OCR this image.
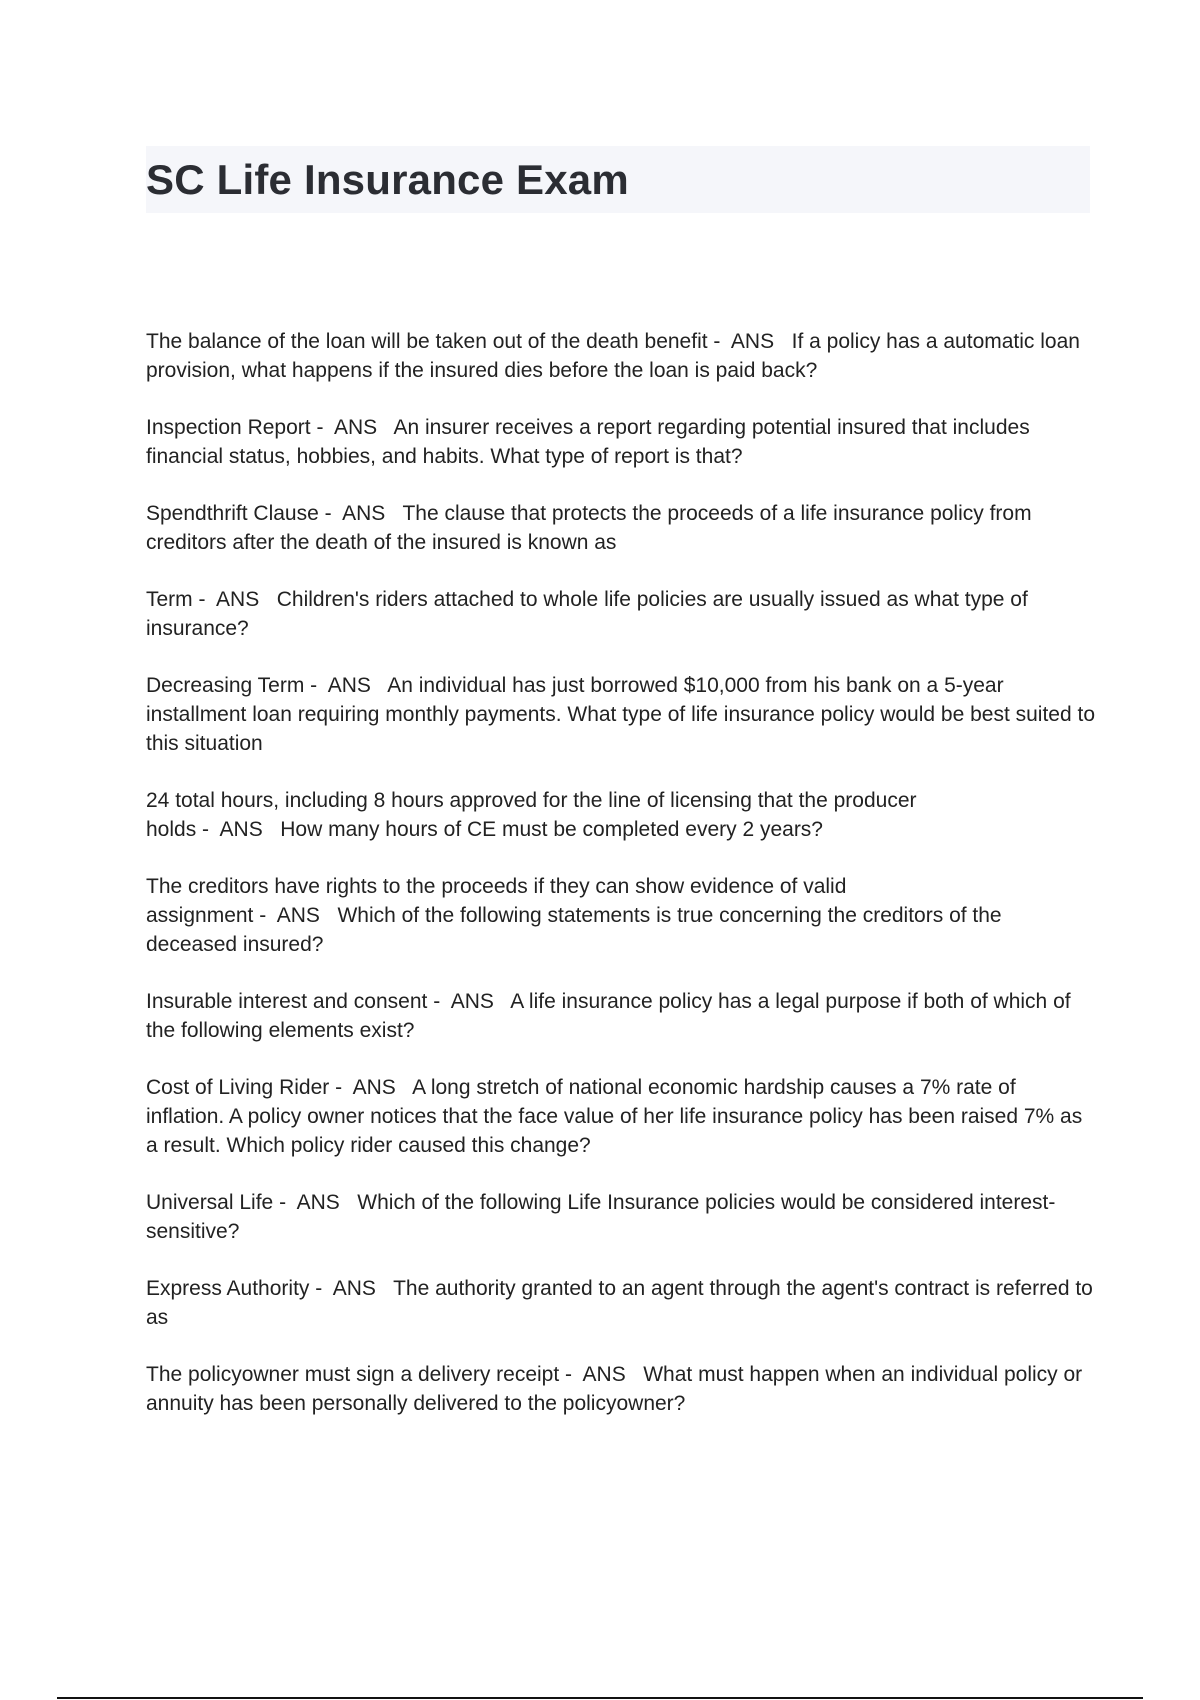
SC Life Insurance Exam
The balance of the loan will be taken out of the death benefit -  ANS If a policy has a automatic loan provision, what happens if the insured dies before the loan is paid back?
Inspection Report -  ANS An insurer receives a report regarding potential insured that includes financial status, hobbies, and habits. What type of report is that?
Spendthrift Clause -  ANS The clause that protects the proceeds of a life insurance policy from creditors after the death of the insured is known as
Term -  ANS Children's riders attached to whole life policies are usually issued as what type of insurance?
Decreasing Term -  ANS An individual has just borrowed $10,000 from his bank on a 5-year installment loan requiring monthly payments. What type of life insurance policy would be best suited to this situation
24 total hours, including 8 hours approved for the line of licensing that the producer holds -  ANS How many hours of CE must be completed every 2 years?
The creditors have rights to the proceeds if they can show evidence of valid assignment -  ANS Which of the following statements is true concerning the creditors of the deceased insured?
Insurable interest and consent -  ANS A life insurance policy has a legal purpose if both of which of the following elements exist?
Cost of Living Rider -  ANS A long stretch of national economic hardship causes a 7% rate of inflation. A policy owner notices that the face value of her life insurance policy has been raised 7% as a result. Which policy rider caused this change?
Universal Life -  ANS Which of the following Life Insurance policies would be considered interest-sensitive?
Express Authority -  ANS The authority granted to an agent through the agent's contract is referred to as
The policyowner must sign a delivery receipt -  ANS What must happen when an individual policy or annuity has been personally delivered to the policyowner?
